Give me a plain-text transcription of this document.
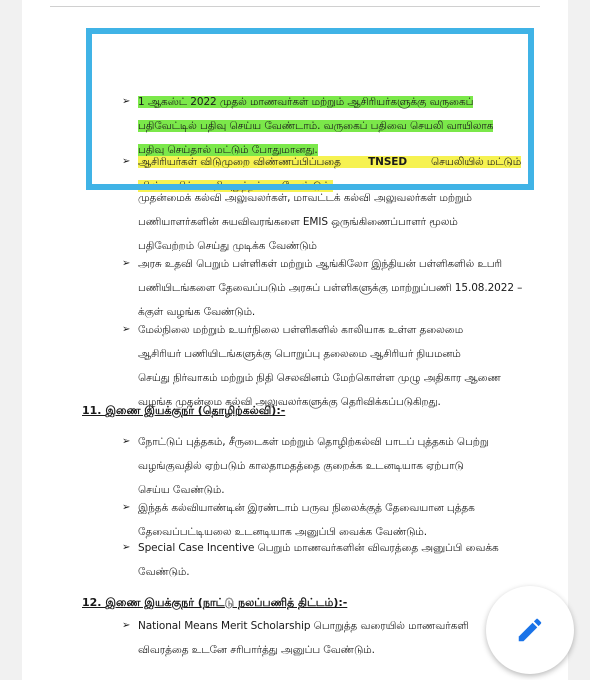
➢ 1 ஆகஸ்ட் 2022 முதல் மாணவர்கள் மற்றும் ஆசிரியர்களுக்கு வருகைப்
பதிவேட்டில் பதிவு செய்ய வேண்டாம். வருகைப் பதிவை செயலி வாயிலாக
பதிவு செய்தால் மட்டும் போதுமானது.
➢ ஆசிரியர்கள் விடுமுறை விண்ணப்பிப்பதை	TNSED செயலியில் மட்டும்
விண்ணபிக்க அறிவுறுத்தப்பட வேண்டும்.
முதன்மைக் கல்வி அலுவலர்கள், மாவட்டக் கல்வி அலுவலர்கள் மற்றும்
பணியாளர்களின் சுயவிவரங்களை EMIS ஒருங்கிணைப்பாளர் மூலம்
பதிவேற்றம் செய்து முடிக்க வேண்டும்
➢ அரசு உதவி பெறும் பள்ளிகள் மற்றும் ஆங்கிலோ இந்தியன் பள்ளிகளில் உபரி
பணியிடங்களை தேவைப்படும் அரசுப் பள்ளிகளுக்கு மாற்றுப்பணி 15.08.2022 –
க்குள் வழங்க வேண்டும்.
➢ மேல்நிலை மற்றும் உயர்நிலை பள்ளிகளில் காலியாக உள்ள தலைமை
ஆசிரியர் பணியிடங்களுக்கு பொறுப்பு தலைமை ஆசிரியர் நியமனம்
செய்து நிர்வாகம் மற்றும் நிதி செலவினம் மேற்கொள்ள முழு அதிகார ஆணை
வழங்க முதன்மை கல்வி அலுவலர்களுக்கு தெரிவிக்கப்படுகிறது.
11. இணை இயக்குநர் (தொழிற்கல்வி):-
➢ நோட்டுப் புத்தகம், சீருடைகள் மற்றும் தொழிற்கல்வி பாடப் புத்தகம் பெற்று
வழங்குவதில் ஏற்படும் காலதாமதத்தை குறைக்க உடனடியாக ஏற்பாடு
செய்ய வேண்டும்.
➢ இந்தக் கல்வியாண்டின் இரண்டாம் பருவ நிலைக்குத் தேவையான புத்தக
தேவைப்பட்டியலை உடனடியாக அனுப்பி வைக்க வேண்டும்.
➢ Special Case Incentive பெறும் மாணவர்களின் விவரத்தை அனுப்பி வைக்க
வேண்டும்.
12. இணை இயக்குநர் (நாட்டு நலப்பணித் திட்டம்):-
➢ National Means Merit Scholarship பொறுத்த வரையில் மாணவர்களி
விவரத்தை உடனே சரிபார்த்து அனுப்ப வேண்டும்.
